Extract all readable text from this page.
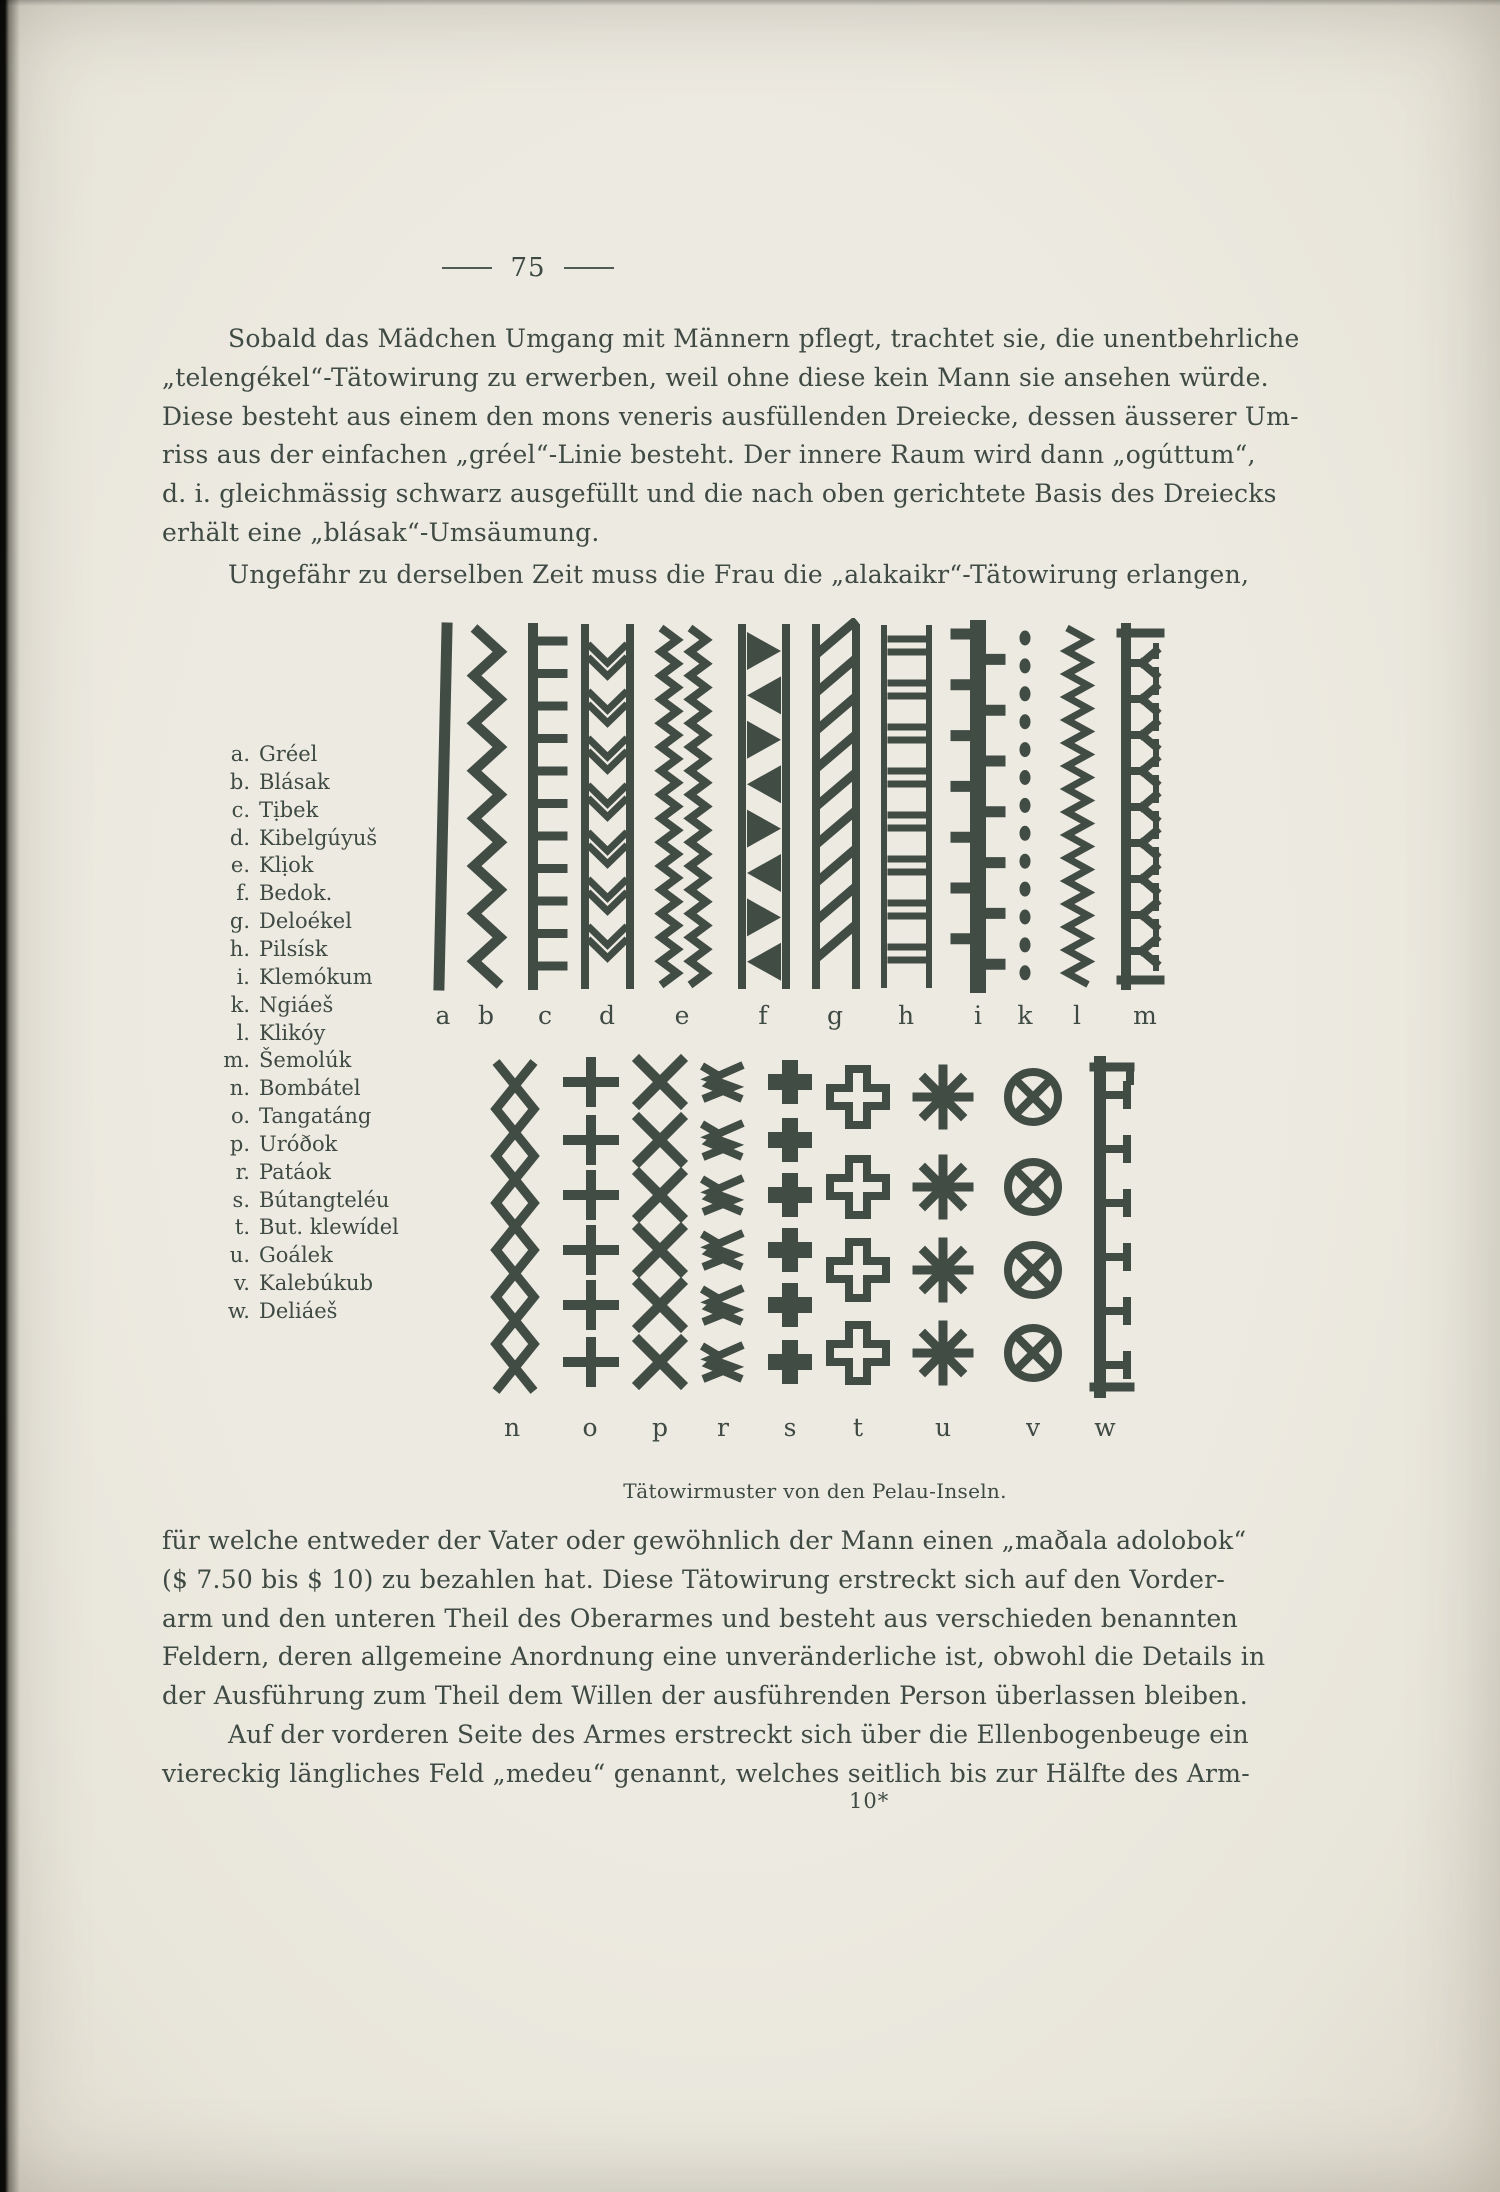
75
Sobald das Mädchen Umgang mit Männern pflegt, trachtet sie, die unentbehrliche
„telengékel“-Tätowirung zu erwerben, weil ohne diese kein Mann sie ansehen würde.
Diese besteht aus einem den mons veneris ausfüllenden Dreiecke, dessen äusserer Um-
riss aus der einfachen „gréel“-Linie besteht. Der innere Raum wird dann „ogúttum“,
d. i. gleichmässig schwarz ausgefüllt und die nach oben gerichtete Basis des Dreiecks
erhält eine „blásak“-Umsäumung.
Ungefähr zu derselben Zeit muss die Frau die „alakaikr“-Tätowirung erlangen,
für welche entweder der Vater oder gewöhnlich der Mann einen „maðala adolobok“
($ 7.50 bis $ 10) zu bezahlen hat. Diese Tätowirung erstreckt sich auf den Vorder-
arm und den unteren Theil des Oberarmes und besteht aus verschieden benannten
Feldern, deren allgemeine Anordnung eine unveränderliche ist, obwohl die Details in
der Ausführung zum Theil dem Willen der ausführenden Person überlassen bleiben.
Auf der vorderen Seite des Armes erstreckt sich über die Ellenbogenbeuge ein
viereckig längliches Feld „medeu“ genannt, welches seitlich bis zur Hälfte des Arm-
a. Gréel
b. Blásak
c. Tịbek
d. Kibelgúyuš
e. Klịok
f. Bedok.
g. Deloékel
h. Pilsísk
i. Klemókum
k. Ngiáeš
l. Klikóy
m. Šemolúk
n. Bombátel
o. Tangatáng
p. Uróðok
r. Patáok
s. Bútangteléu
t. But. klewídel
u. Goálek
v. Kalebúkub
w. Deliáeš
a b c d e	f g h i k l m
n o p r s t	u	v w
Tätowirmuster von den Pelau-Inseln.
10*
